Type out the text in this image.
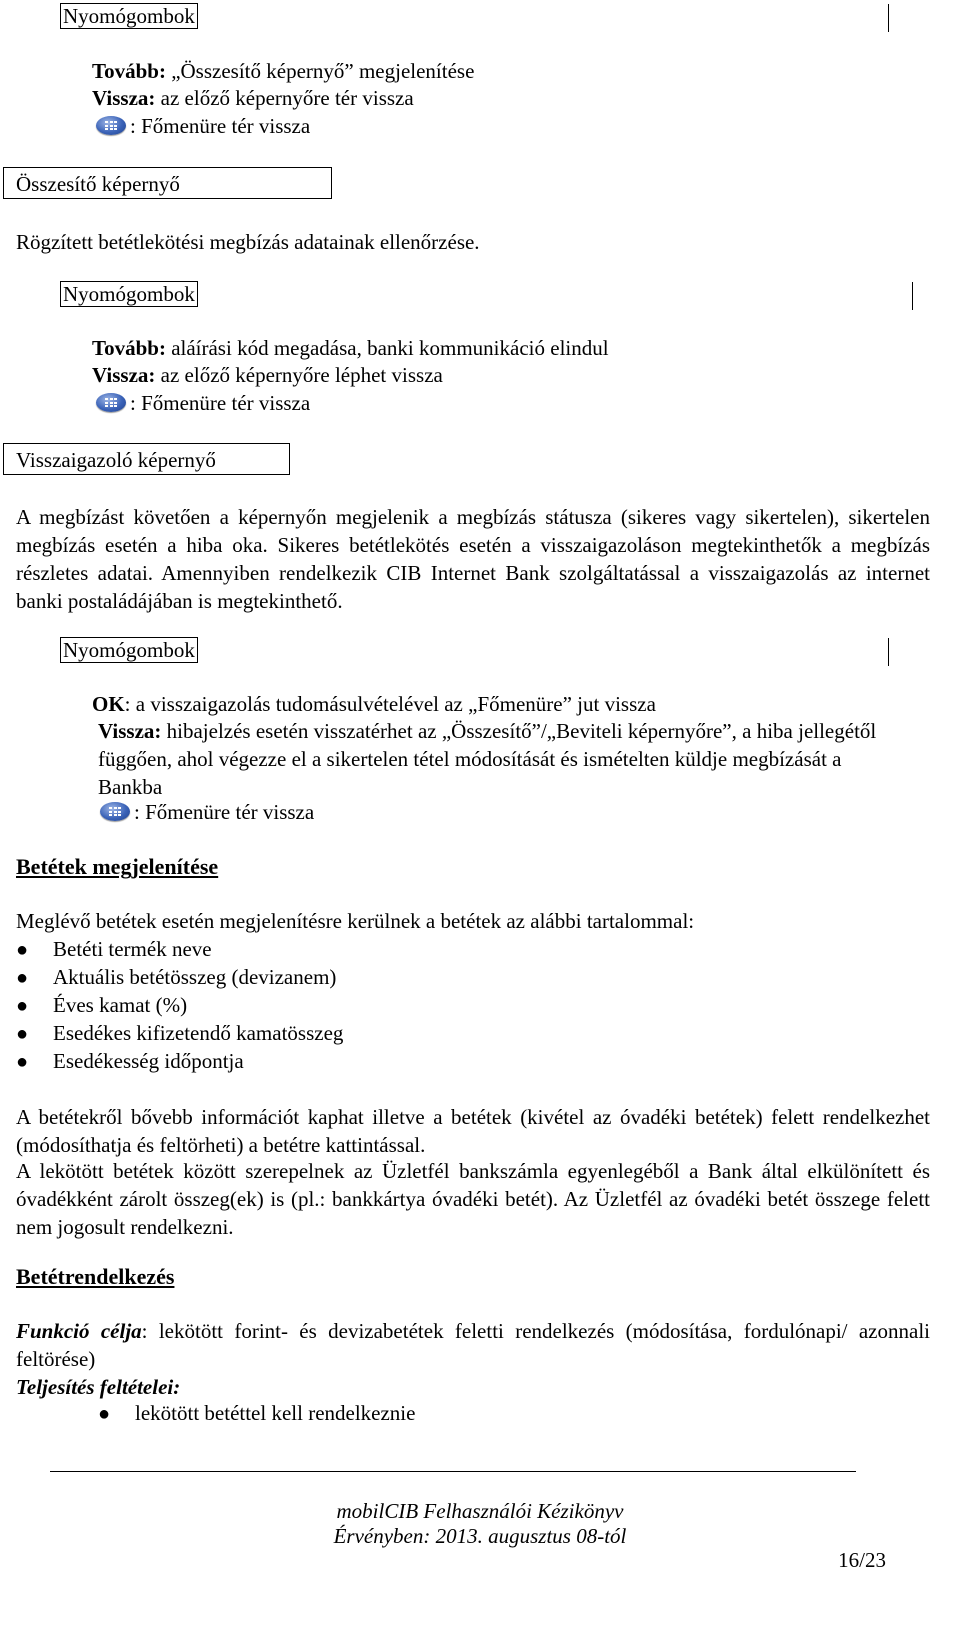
Nyomógombok
Tovább: „Összesítő képernyő” megjelenítése
Vissza: az előző képernyőre tér vissza
: Főmenüre tér vissza
Összesítő képernyő
Rögzített betétlekötési megbízás adatainak ellenőrzése.
Nyomógombok
Tovább: aláírási kód megadása, banki kommunikáció elindul
Vissza: az előző képernyőre léphet vissza
: Főmenüre tér vissza
Visszaigazoló képernyő
A megbízást követően a képernyőn megjelenik a megbízás státusza (sikeres vagy sikertelen), sikertelen megbízás esetén a hiba oka. Sikeres betétlekötés esetén a visszaigazoláson megtekinthetők a megbízás részletes adatai. Amennyiben rendelkezik CIB Internet Bank szolgáltatással a visszaigazolás az internet banki postaládájában is megtekinthető.
Nyomógombok
OK: a visszaigazolás tudomásulvételével az „Főmenüre” jut vissza
Vissza: hibajelzés esetén visszatérhet az „Összesítő”/„Beviteli képernyőre”, a hiba jellegétől függően, ahol végezze el a sikertelen tétel módosítását és ismételten küldje megbízását a Bankba
: Főmenüre tér vissza
Betétek megjelenítése
Meglévő betétek esetén megjelenítésre kerülnek a betétek az alábbi tartalommal:
● Betéti termék neve
● Aktuális betétösszeg (devizanem)
● Éves kamat (%)
● Esedékes kifizetendő kamatösszeg
● Esedékesség időpontja
A betétekről bővebb információt kaphat illetve a betétek (kivétel az óvadéki betétek) felett rendelkezhet (módosíthatja és feltörheti) a betétre kattintással.
A lekötött betétek között szerepelnek az Üzletfél bankszámla egyenlegéből a Bank által elkülönített és óvadékként zárolt összeg(ek) is (pl.: bankkártya óvadéki betét). Az Üzletfél az óvadéki betét összege felett nem jogosult rendelkezni.
Betétrendelkezés
Funkció célja: lekötött forint- és devizabetétek feletti rendelkezés (módosítása, fordulónapi/ azonnali feltörése)
Teljesítés feltételei:
● lekötött betéttel kell rendelkeznie
mobilCIB Felhasználói Kézikönyv
Érvényben: 2013. augusztus 08-tól
16/23
